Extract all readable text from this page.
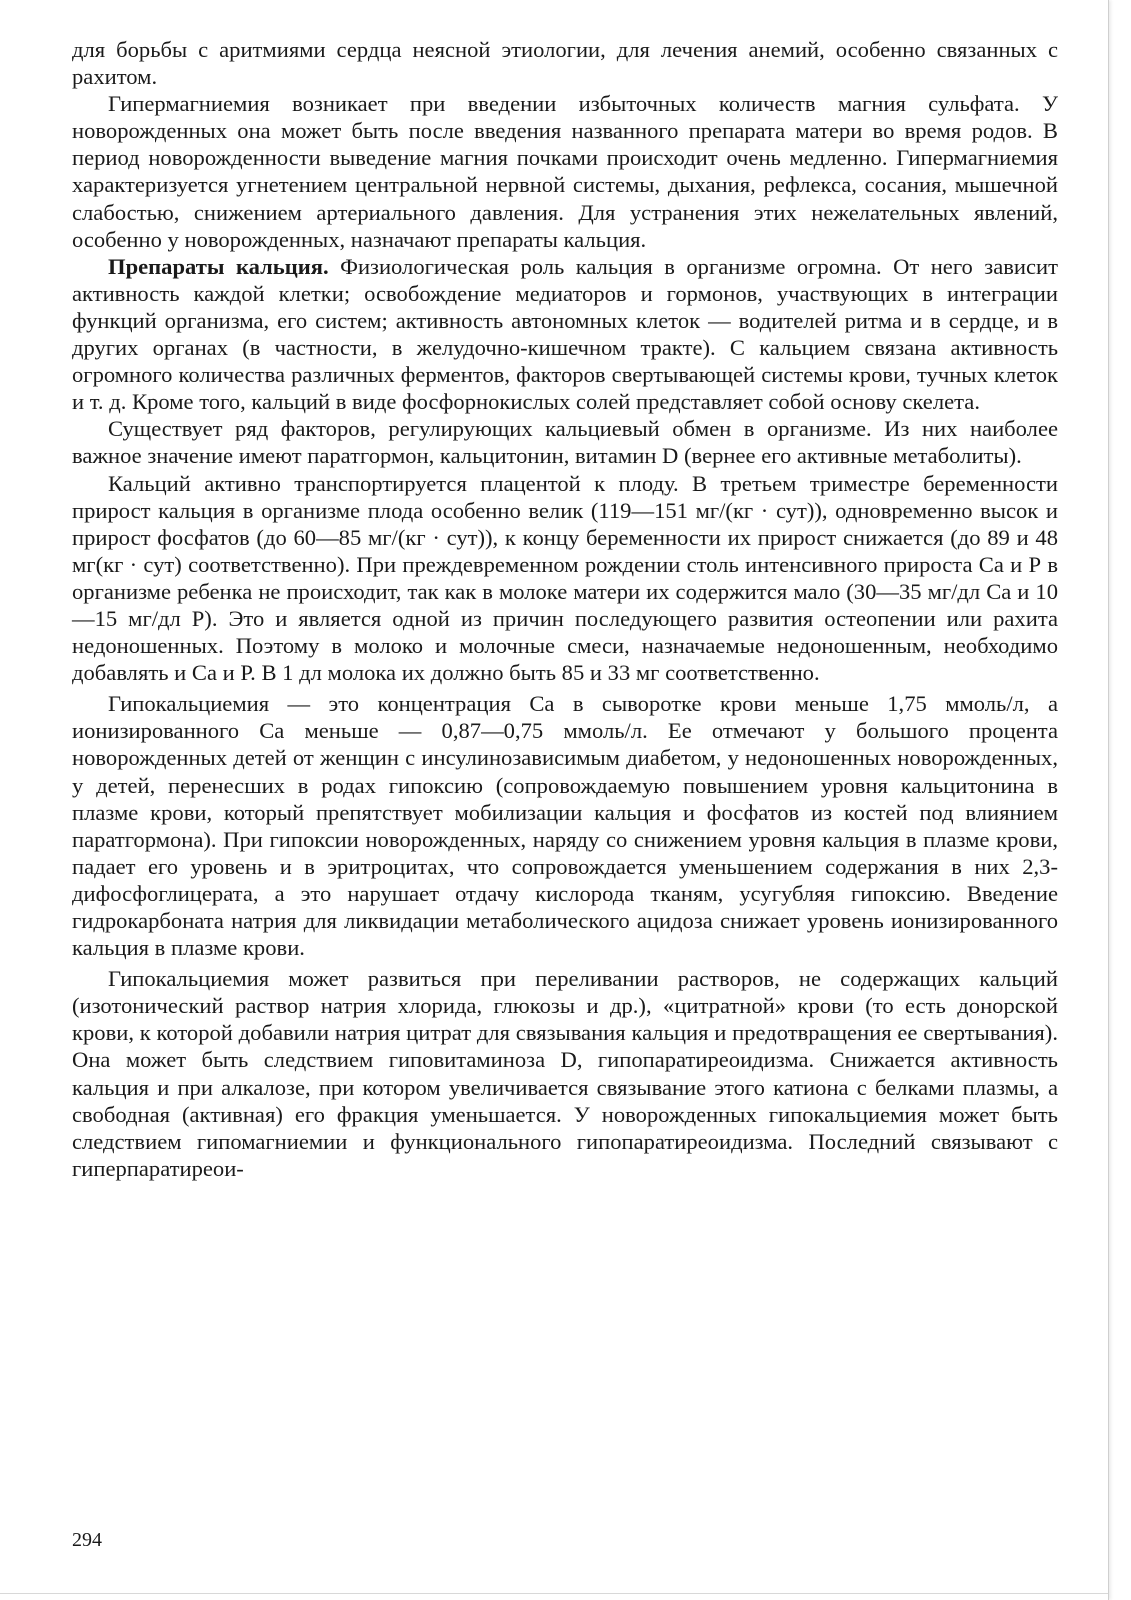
для борьбы с аритмиями сердца неясной этиологии, для лечения анемий, особенно связанных с рахитом.

Гипермагниемия возникает при введении избыточных количеств магния сульфата. У новорожденных она может быть после введения названного препарата матери во время родов. В период новорожденности выведение магния почками происходит очень медленно. Гипермагниемия характеризуется угнетением центральной нервной системы, дыхания, рефлекса, сосания, мышечной слабостью, снижением артериального давления. Для устранения этих нежелательных явлений, особенно у новорожденных, назначают препараты кальция.

Препараты кальция. Физиологическая роль кальция в организме огромна. От него зависит активность каждой клетки; освобождение медиаторов и гормонов, участвующих в интеграции функций организма, его систем; активность автономных клеток — водителей ритма и в сердце, и в других органах (в частности, в желудочно-кишечном тракте). С кальцием связана активность огромного количества различных ферментов, факторов свертывающей системы крови, тучных клеток и т. д. Кроме того, кальций в виде фосфорнокислых солей представляет собой основу скелета.

Существует ряд факторов, регулирующих кальциевый обмен в организме. Из них наиболее важное значение имеют паратгормон, кальцитонин, витамин D (вернее его активные метаболиты).

Кальций активно транспортируется плацентой к плоду. В третьем триместре беременности прирост кальция в организме плода особенно велик (119—151 мг/(кг · сут)), одновременно высок и прирост фосфатов (до 60—85 мг/(кг · сут)), к концу беременности их прирост снижается (до 89 и 48 мг(кг · сут) соответственно). При преждевременном рождении столь интенсивного прироста Са и Р в организме ребенка не происходит, так как в молоке матери их содержится мало (30—35 мг/дл Са и 10—15 мг/дл Р). Это и является одной из причин последующего развития остеопении или рахита недоношенных. Поэтому в молоко и молочные смеси, назначаемые недоношенным, необходимо добавлять и Са и Р. В 1 дл молока их должно быть 85 и 33 мг соответственно.

Гипокальциемия — это концентрация Са в сыворотке крови меньше 1,75 ммоль/л, а ионизированного Са меньше — 0,87—0,75 ммоль/л. Ее отмечают у большого процента новорожденных детей от женщин с инсулинозависимым диабетом, у недоношенных новорожденных, у детей, перенесших в родах гипоксию (сопровождаемую повышением уровня кальцитонина в плазме крови, который препятствует мобилизации кальция и фосфатов из костей под влиянием паратгормона). При гипоксии новорожденных, наряду со снижением уровня кальция в плазме крови, падает его уровень и в эритроцитах, что сопровождается уменьшением содержания в них 2,3-дифосфоглицерата, а это нарушает отдачу кислорода тканям, усугубляя гипоксию. Введение гидрокарбоната натрия для ликвидации метаболического ацидоза снижает уровень ионизированного кальция в плазме крови.

Гипокальциемия может развиться при переливании растворов, не содержащих кальций (изотонический раствор натрия хлорида, глюкозы и др.), «цитратной» крови (то есть донорской крови, к которой добавили натрия цитрат для связывания кальция и предотвращения ее свертывания). Она может быть следствием гиповитаминоза D, гипопаратиреоидизма. Снижается активность кальция и при алкалозе, при котором увеличивается связывание этого катиона с белками плазмы, а свободная (активная) его фракция уменьшается. У новорожденных гипокальциемия может быть следствием гипомагниемии и функционального гипопаратиреоидизма. Последний связывают с гиперпаратиреои-

294
